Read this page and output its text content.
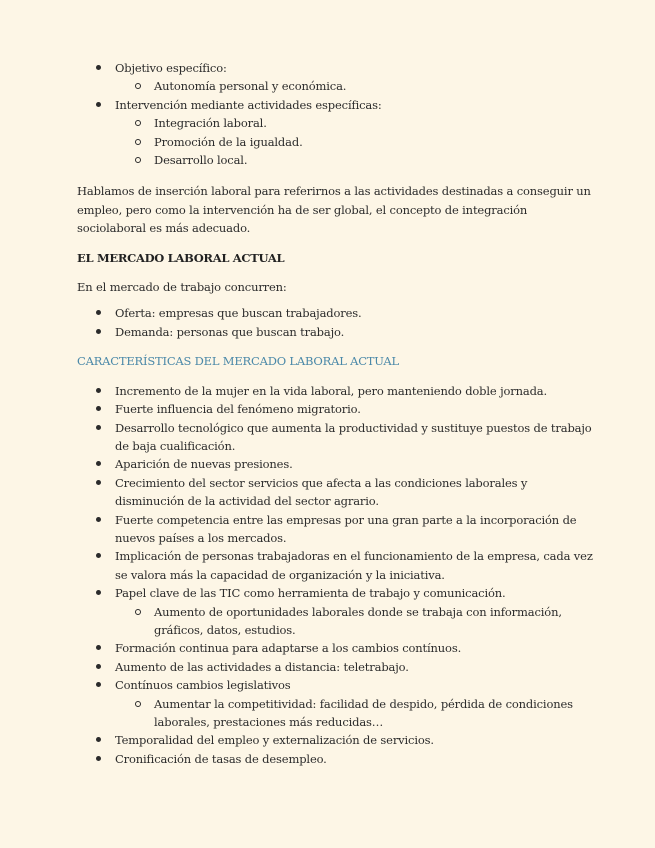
Objetivo específico:
Autonomía personal y económica.
Intervención mediante actividades específicas:
Integración laboral.
Promoción de la igualdad.
Desarrollo local.

Hablamos de inserción laboral para referirnos a las actividades destinadas a conseguir un empleo, pero como la intervención ha de ser global, el concepto de integración sociolaboral es más adecuado.

EL MERCADO LABORAL ACTUAL

En el mercado de trabajo concurren:

Oferta: empresas que buscan trabajadores.
Demanda: personas que buscan trabajo.

CARACTERÍSTICAS DEL MERCADO LABORAL ACTUAL

Incremento de la mujer en la vida laboral, pero manteniendo doble jornada.
Fuerte influencia del fenómeno migratorio.
Desarrollo tecnológico que aumenta la productividad y sustituye puestos de trabajo de baja cualificación.
Aparición de nuevas presiones.
Crecimiento del sector servicios que afecta a las condiciones laborales y disminución de la actividad del sector agrario.
Fuerte competencia entre las empresas por una gran parte a la incorporación de nuevos países a los mercados.
Implicación de personas trabajadoras en el funcionamiento de la empresa, cada vez se valora más la capacidad de organización y la iniciativa.
Papel clave de las TIC como herramienta de trabajo y comunicación.
Aumento de oportunidades laborales donde se trabaja con información, gráficos, datos, estudios.
Formación continua para adaptarse a los cambios contínuos.
Aumento de las actividades a distancia: teletrabajo.
Contínuos cambios legislativos
Aumentar la competitividad: facilidad de despido, pérdida de condiciones laborales, prestaciones más reducidas…
Temporalidad del empleo y externalización de servicios.
Cronificación de tasas de desempleo.
